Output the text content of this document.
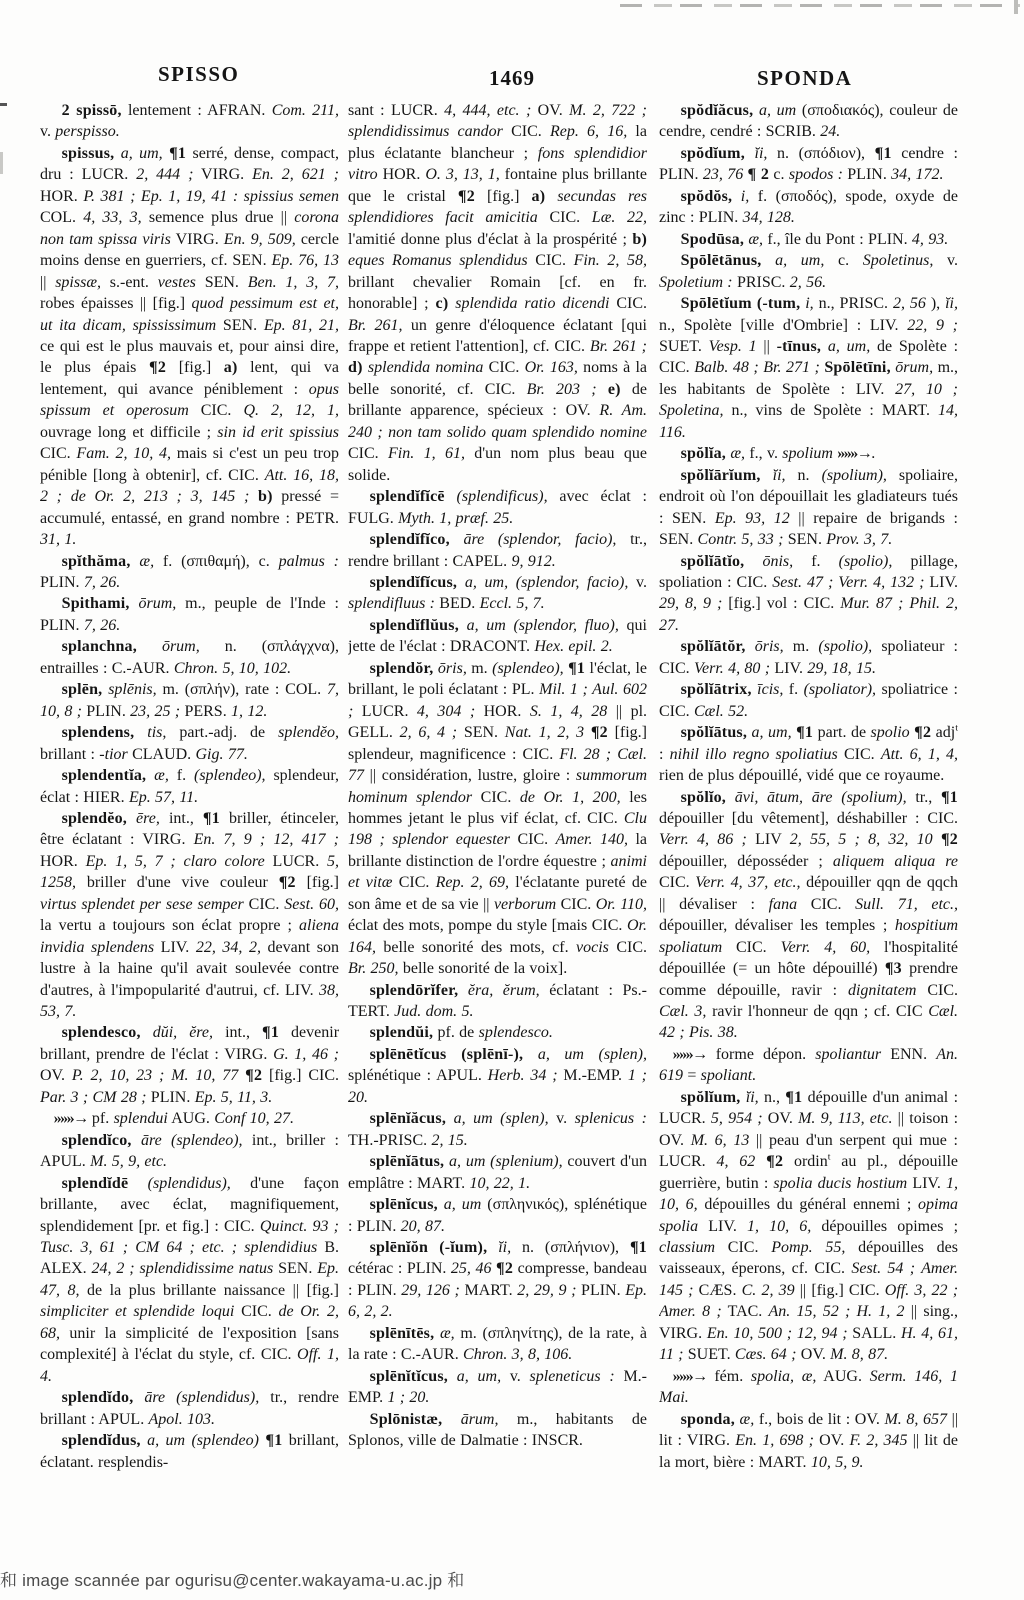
SPISSO	1469	SPONDA

2 spissō, lentement : AFRAN. Com. 211, v. perspisso.

spissus, a, um, ¶1 serré, dense, compact, dru : LUCR. 2, 444 ; VIRG. En. 2, 621 ; HOR. P. 381 ; Ep. 1, 19, 41 : spissius semen COL. 4, 33, 3, semence plus drue || corona non tam spissa viris VIRG. En. 9, 509, cercle moins dense en guerriers, cf. SEN. Ep. 76, 13 || spissæ, s.-ent. vestes SEN. Ben. 1, 3, 7, robes épaisses || [fig.] quod pessimum est et, ut ita dicam, spississimum SEN. Ep. 81, 21, ce qui est le plus mauvais et, pour ainsi dire, le plus épais ¶2 [fig.] a) lent, qui va lentement, qui avance péniblement : opus spissum et operosum CIC. Q. 2, 12, 1, ouvrage long et difficile ; sin id erit spissius CIC. Fam. 2, 10, 4, mais si c'est un peu trop pénible [long à obtenir], cf. CIC. Att. 16, 18, 2 ; de Or. 2, 213 ; 3, 145 ; b) pressé = accumulé, entassé, en grand nombre : PETR. 31, 1.

spĭthăma, æ, f. (σπιθαμή), c. palmus : PLIN. 7, 26.

Spithami, ōrum, m., peuple de l'Inde : PLIN. 7, 26.

splanchna, ōrum, n. (σπλάγχνα), entrailles : C.-AUR. Chron. 5, 10, 102.

splēn, splēnis, m. (σπλήν), rate : COL. 7, 10, 8 ; PLIN. 23, 25 ; PERS. 1, 12.

splendens, tis, part.-adj. de splendĕo, brillant : -tior CLAUD. Gig. 77.

splendentĭa, æ, f. (splendeo), splendeur, éclat : HIER. Ep. 57, 11.

splendĕo, ēre, int., ¶1 briller, étinceler, être éclatant : VIRG. En. 7, 9 ; 12, 417 ; HOR. Ep. 1, 5, 7 ; claro colore LUCR. 5, 1258, briller d'une vive couleur ¶2 [fig.] virtus splendet per sese semper CIC. Sest. 60, la vertu a toujours son éclat propre ; aliena invidia splendens LIV. 22, 34, 2, devant son lustre à la haine qu'il avait soulevée contre d'autres, à l'impopularité d'autrui, cf. LIV. 38, 53, 7.

splendesco, dŭi, ĕre, int., ¶1 devenir brillant, prendre de l'éclat : VIRG. G. 1, 46 ; OV. P. 2, 10, 23 ; M. 10, 77 ¶2 [fig.] CIC. Par. 3 ; CM 28 ; PLIN. Ep. 5, 11, 3.

»»»→ pf. splendui AUG. Conf 10, 27.

splendĭco, āre (splendeo), int., briller : APUL. M. 5, 9, etc.

splendĭdē (splendidus), d'une façon brillante, avec éclat, magnifiquement, splendidement [pr. et fig.] : CIC. Quinct. 93 ; Tusc. 3, 61 ; CM 64 ; etc. ; splendidius B. ALEX. 24, 2 ; splendidissime natus SEN. Ep. 47, 8, de la plus brillante naissance || [fig.] simpliciter et splendide loqui CIC. de Or. 2, 68, unir la simplicité de l'exposition [sans complexité] à l'éclat du style, cf. CIC. Off. 1, 4.

splendĭdo, āre (splendidus), tr., rendre brillant : APUL. Apol. 103.

splendĭdus, a, um (splendeo) ¶1 brillant, éclatant. resplendis-

sant : LUCR. 4, 444, etc. ; OV. M. 2, 722 ; splendidissimus candor CIC. Rep. 6, 16, la plus éclatante blancheur ; fons splendidior vitro HOR. O. 3, 13, 1, fontaine plus brillante que le cristal ¶2 [fig.] a) secundas res splendidiores facit amicitia CIC. Læ. 22, l'amitié donne plus d'éclat à la prospérité ; b) eques Romanus splendidus CIC. Fin. 2, 58, brillant chevalier Romain [cf. en fr. honorable] ; c) splendida ratio dicendi CIC. Br. 261, un genre d'éloquence éclatant [qui frappe et retient l'attention], cf. CIC. Br. 261 ; d) splendida nomina CIC. Or. 163, noms à la belle sonorité, cf. CIC. Br. 203 ; e) de brillante apparence, spécieux : OV. R. Am. 240 ; non tam solido quam splendido nomine CIC. Fin. 1, 61, d'un nom plus beau que solide.

splendĭfĭcē (splendificus), avec éclat : FULG. Myth. 1, præf. 25.

splendĭfĭco, āre (splendor, facio), tr., rendre brillant : CAPEL. 9, 912.

splendĭfĭcus, a, um, (splendor, facio), v. splendifluus : BED. Eccl. 5, 7.

splendĭflŭus, a, um (splendor, fluo), qui jette de l'éclat : DRACONT. Hex. epil. 2.

splendŏr, ōris, m. (splendeo), ¶1 l'éclat, le brillant, le poli éclatant : PL. Mil. 1 ; Aul. 602 ; LUCR. 4, 304 ; HOR. S. 1, 4, 28 || pl. GELL. 2, 6, 4 ; SEN. Nat. 1, 2, 3 ¶2 [fig.] splendeur, magnificence : CIC. Fl. 28 ; Cæl. 77 || considération, lustre, gloire : summorum hominum splendor CIC. de Or. 1, 200, les hommes jetant le plus vif éclat, cf. CIC. Clu 198 ; splendor equester CIC. Amer. 140, la brillante distinction de l'ordre équestre ; animi et vitæ CIC. Rep. 2, 69, l'éclatante pureté de son âme et de sa vie || verborum CIC. Or. 110, éclat des mots, pompe du style [mais CIC. Or. 164, belle sonorité des mots, cf. vocis CIC. Br. 250, belle sonorité de la voix].

splendōrĭfer, ĕra, ĕrum, éclatant : Ps.-TERT. Jud. dom. 5.

splendŭi, pf. de splendesco.

splēnētĭcus (splēnī-), a, um (splen), splénétique : APUL. Herb. 34 ; M.-EMP. 1 ; 20.

splēnĭăcus, a, um (splen), v. splenicus : TH.-PRISC. 2, 15.

splēnĭātus, a, um (splenium), couvert d'un emplâtre : MART. 10, 22, 1.

splēnĭcus, a, um (σπληνικός), splénétique : PLIN. 20, 87.

splēnĭŏn (-ĭum), ĭi, n. (σπλήνιον), ¶1 cétérac : PLIN. 25, 46 ¶2 compresse, bandeau : PLIN. 29, 126 ; MART. 2, 29, 9 ; PLIN. Ep. 6, 2, 2.

splēnītēs, æ, m. (σπληνίτης), de la rate, à la rate : C.-AUR. Chron. 3, 8, 106.

splēnĭtĭcus, a, um, v. spleneticus : M.-EMP. 1 ; 20.

Splōnistæ, ārum, m., habitants de Splonos, ville de Dalmatie : INSCR.

spŏdĭăcus, a, um (σποδιακός), couleur de cendre, cendré : SCRIB. 24.

spŏdĭum, ĭi, n. (σπόδιον), ¶1 cendre : PLIN. 23, 76 ¶ 2 c. spodos : PLIN. 34, 172.

spŏdŏs, i, f. (σποδός), spode, oxyde de zinc : PLIN. 34, 128.

Spodūsa, æ, f., île du Pont : PLIN. 4, 93.

Spōlētānus, a, um, c. Spoletinus, v. Spoletium : PRISC. 2, 56.

Spōlētĭum (-tum, i, n., PRISC. 2, 56 ), ĭi, n., Spolète [ville d'Ombrie] : LIV. 22, 9 ; SUET. Vesp. 1 || -tīnus, a, um, de Spolète : CIC. Balb. 48 ; Br. 271 ; Spōlētīni, ōrum, m., les habitants de Spolète : LIV. 27, 10 ; Spoletina, n., vins de Spolète : MART. 14, 116.

spŏlĭa, æ, f., v. spolium »»»→.

spŏlĭārĭum, ĭi, n. (spolium), spoliaire, endroit où l'on dépouillait les gladiateurs tués : SEN. Ep. 93, 12 || repaire de brigands : SEN. Contr. 5, 33 ; SEN. Prov. 3, 7.

spŏlĭātĭo, ōnis, f. (spolio), pillage, spoliation : CIC. Sest. 47 ; Verr. 4, 132 ; LIV. 29, 8, 9 ; [fig.] vol : CIC. Mur. 87 ; Phil. 2, 27.

spŏlĭātŏr, ōris, m. (spolio), spoliateur : CIC. Verr. 4, 80 ; LIV. 29, 18, 15.

spŏlĭātrix, īcis, f. (spoliator), spoliatrice : CIC. Cæl. 52.

spŏlĭātus, a, um, ¶1 part. de spolio ¶2 adj$^t$ : nihil illo regno spoliatius CIC. Att. 6, 1, 4, rien de plus dépouillé, vidé que ce royaume.

spŏlĭo, āvi, ātum, āre (spolium), tr., ¶1 dépouiller [du vêtement], déshabiller : CIC. Verr. 4, 86 ; LIV 2, 55, 5 ; 8, 32, 10 ¶2 dépouiller, déposséder ; aliquem aliqua re CIC. Verr. 4, 37, etc., dépouiller qqn de qqch || dévaliser : fana CIC. Sull. 71, etc., dépouiller, dévaliser les temples ; hospitium spoliatum CIC. Verr. 4, 60, l'hospitalité dépouillée (= un hôte dépouillé) ¶3 prendre comme dépouille, ravir : dignitatem CIC. Cæl. 3, ravir l'honneur de qqn ; cf. CIC Cæl. 42 ; Pis. 38.

»»»→ forme dépon. spoliantur ENN. An. 619 = spoliant.

spŏlĭum, ĭi, n., ¶1 dépouille d'un animal : LUCR. 5, 954 ; OV. M. 9, 113, etc. || toison : OV. M. 6, 13 || peau d'un serpent qui mue : LUCR. 4, 62 ¶2 ordin$^t$ au pl., dépouille guerrière, butin : spolia ducis hostium LIV. 1, 10, 6, dépouilles du général ennemi ; opima spolia LIV. 1, 10, 6, dépouilles opimes ; classium CIC. Pomp. 55, dépouilles des vaisseaux, éperons, cf. CIC. Sest. 54 ; Amer. 145 ; CÆS. C. 2, 39 || [fig.] CIC. Off. 3, 22 ; Amer. 8 ; TAC. An. 15, 52 ; H. 1, 2 || sing., VIRG. En. 10, 500 ; 12, 94 ; SALL. H. 4, 61, 11 ; SUET. Cæs. 64 ; OV. M. 8, 87.

»»»→ fém. spolia, æ, AUG. Serm. 146, 1 Mai.

sponda, æ, f., bois de lit : OV. M. 8, 657 || lit : VIRG. En. 1, 698 ; OV. F. 2, 345 || lit de la mort, bière : MART. 10, 5, 9.

和 image scannée par ogurisu@center.wakayama-u.ac.jp 和
